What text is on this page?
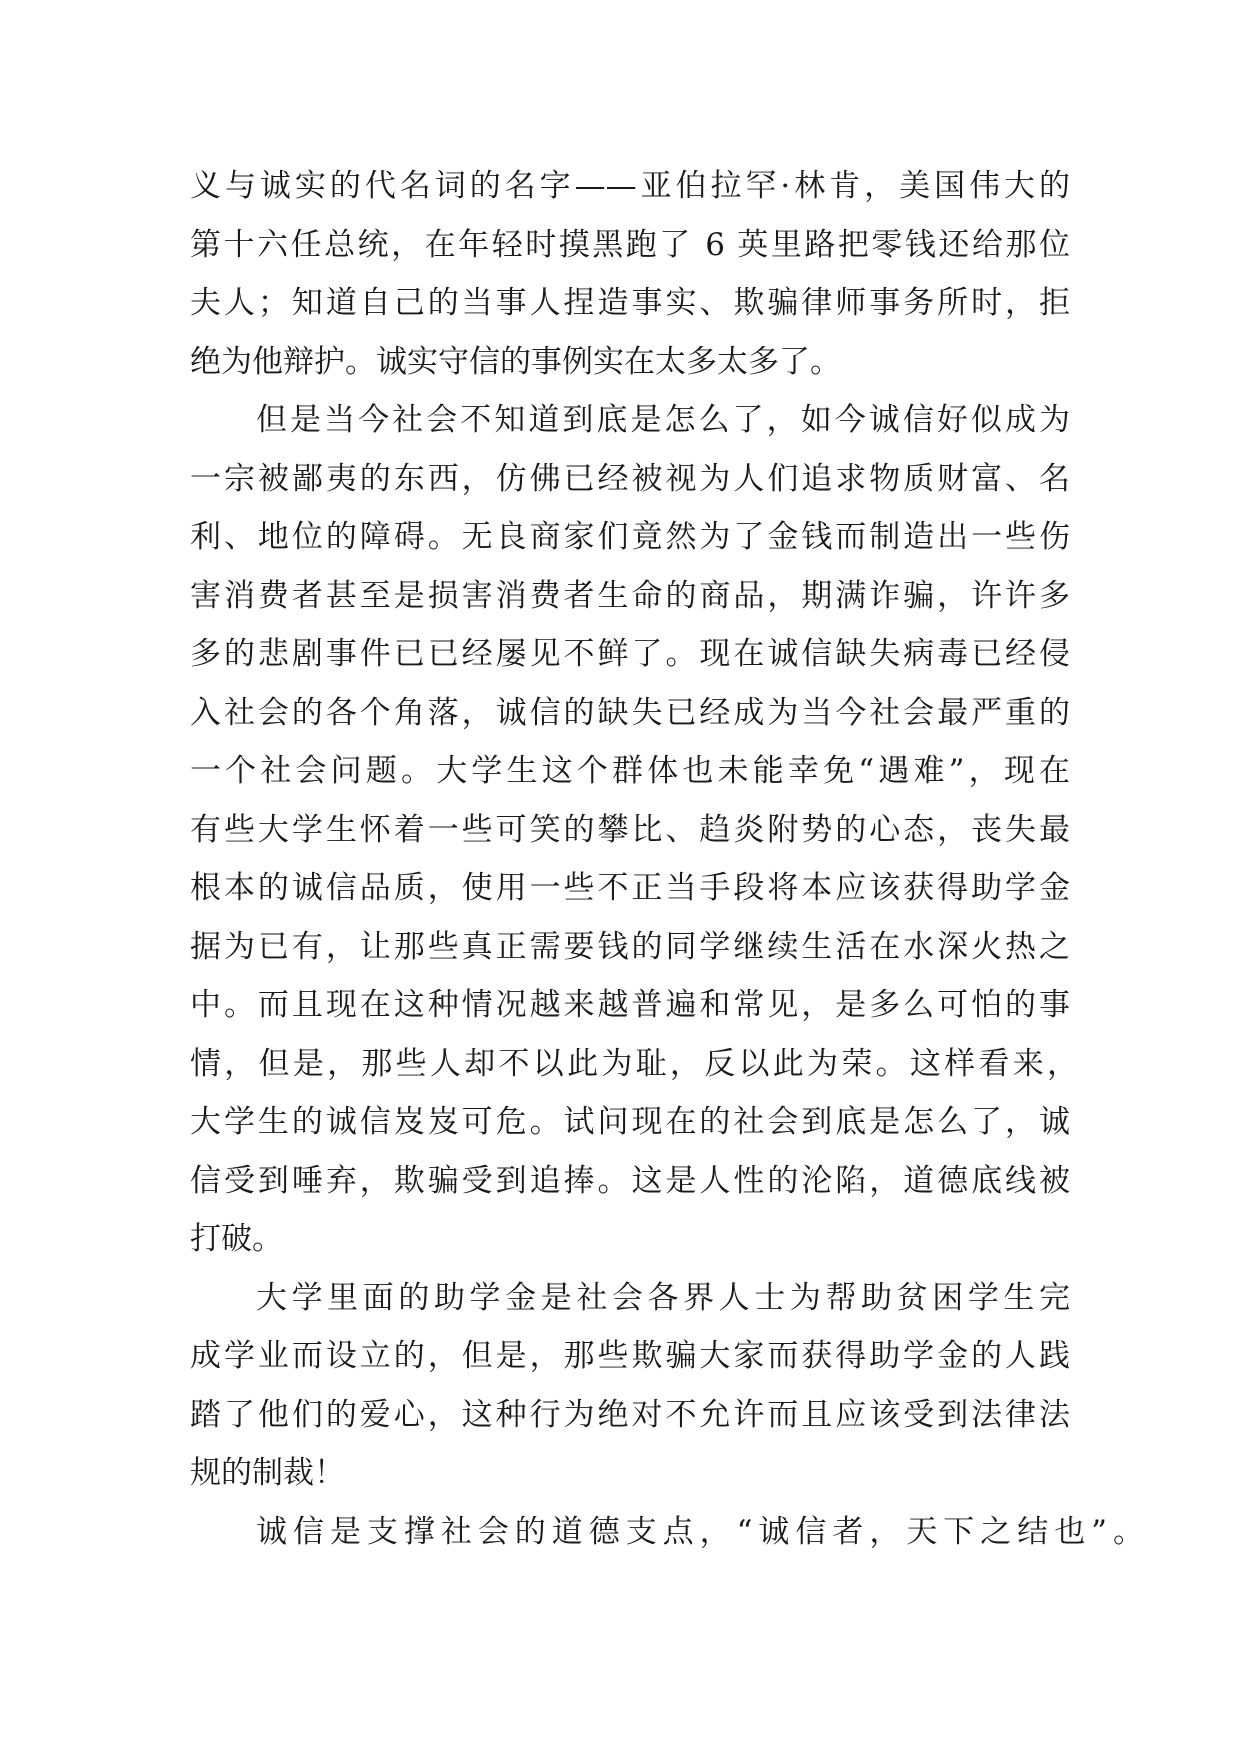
义与诚实的代名词的名字——亚伯拉罕·林肯，美国伟大的
第十六任总统，在年轻时摸黑跑了 6 英里路把零钱还给那位
夫人；知道自己的当事人捏造事实、欺骗律师事务所时，拒
绝为他辩护。诚实守信的事例实在太多太多了。
但是当今社会不知道到底是怎么了，如今诚信好似成为
一宗被鄙夷的东西，仿佛已经被视为人们追求物质财富、名
利、地位的障碍。无良商家们竟然为了金钱而制造出一些伤
害消费者甚至是损害消费者生命的商品，期满诈骗，许许多
多的悲剧事件已已经屡见不鲜了。现在诚信缺失病毒已经侵
入社会的各个角落，诚信的缺失已经成为当今社会最严重的
一个社会问题。大学生这个群体也未能幸免“遇难”，现在
有些大学生怀着一些可笑的攀比、趋炎附势的心态，丧失最
根本的诚信品质，使用一些不正当手段将本应该获得助学金
据为已有，让那些真正需要钱的同学继续生活在水深火热之
中。而且现在这种情况越来越普遍和常见，是多么可怕的事
情，但是，那些人却不以此为耻，反以此为荣。这样看来，
大学生的诚信岌岌可危。试问现在的社会到底是怎么了，诚
信受到唾弃，欺骗受到追捧。这是人性的沦陷，道德底线被
打破。
大学里面的助学金是社会各界人士为帮助贫困学生完
成学业而设立的，但是，那些欺骗大家而获得助学金的人践
踏了他们的爱心，这种行为绝对不允许而且应该受到法律法
规的制裁！
诚信是支撑社会的道德支点，“诚信者，天下之结也”。
